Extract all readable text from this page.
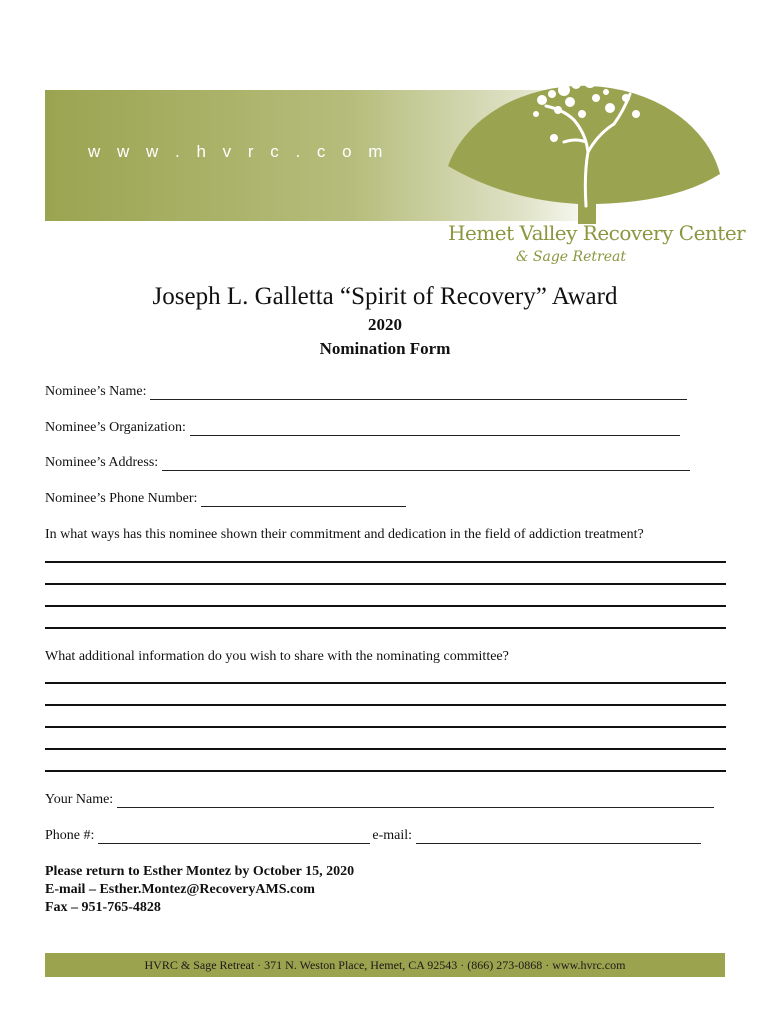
w w w . h v r c . c o m
Hemet Valley Recovery Center
& Sage Retreat
Joseph L. Galletta “Spirit of Recovery” Award
2020
Nomination Form
Nominee’s Name:
Nominee’s Organization:
Nominee’s Address:
Nominee’s Phone Number:
In what ways has this nominee shown their commitment and dedication in the field of addiction treatment?
What additional information do you wish to share with the nominating committee?
Your Name:
Phone #:	e-mail:
Please return to Esther Montez by October 15, 2020
E-mail – Esther.Montez@RecoveryAMS.com
Fax – 951-765-4828
HVRC & Sage Retreat · 371 N. Weston Place, Hemet, CA 92543 · (866) 273-0868 · www.hvrc.com
